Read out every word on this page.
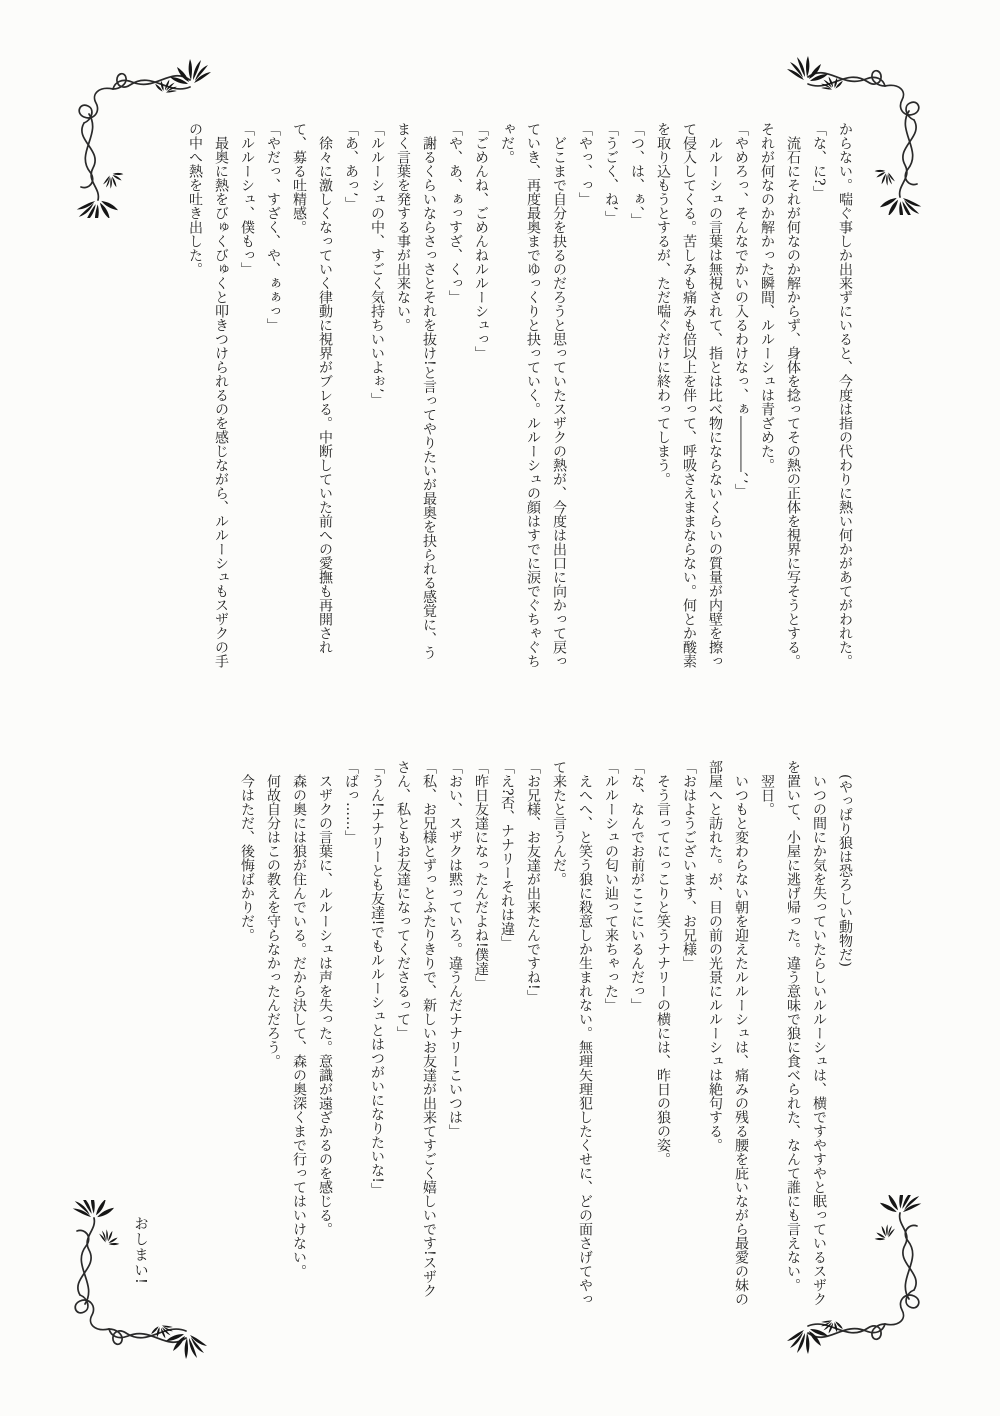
からない。喘ぐ事しか出来ずにいると、今度は指の代わりに熱い何かがあてがわれた。

「な、に?」

流石にそれが何なのか解からず、身体を捻ってその熱の正体を視界に写そうとする。それが何なのか解かった瞬間、ルルーシュは青ざめた。

「やめろっ、そんなでかいの入るわけなっ、ぁ――――、’」

ルルーシュの言葉は無視されて、指とは比べ物にならないくらいの質量が内壁を擦って侵入してくる。苦しみも痛みも倍以上を伴って、呼吸さえままならない。何とか酸素を取り込もうとするが、ただ喘ぐだけに終わってしまう。

「つ、は、ぁ、」

「うごく、ね’」

「やっ、っ」

どこまで自分を抉るのだろうと思っていたスザクの熱が、今度は出口に向かって戻っていき、再度最奥までゆっくりと抉っていく。ルルーシュの顔はすでに涙でぐちゃぐちゃだ。

「ごめんね、ごめんねルルーシュっ」

「や、あ、ぁっすざ、くっ」

謝るくらいならさっさとそれを抜け!と言ってやりたいが最奥を抉られる感覚に、うまく言葉を発する事が出来ない。

「ルルーシュの中、すごく気持ちいいよぉ’」

「あ、あっ’」

徐々に激しくなっていく律動に視界がブレる。中断していた前への愛撫も再開されて、募る吐精感。

「やだっ、すざく、や、ぁぁっ」

「ルルーシュ、僕もっ」

最奥に熱をびゅくびゅくと叩きつけられるのを感じながら、ルルーシュもスザクの手の中へ熱を吐き出した。

(やっぱり狼は恐ろしい動物だ)

いつの間にか気を失っていたらしいルルーシュは、横ですやすやと眠っているスザクを置いて、小屋に逃げ帰った。違う意味で狼に食べられた、なんて誰にも言えない。

翌日。

いつもと変わらない朝を迎えたルルーシュは、痛みの残る腰を庇いながら最愛の妹の部屋へと訪れた。が、目の前の光景にルルーシュは絶句する。

「おはようございます、お兄様」

そう言ってにっこりと笑うナナリーの横には、昨日の狼の姿。

「な、なんでお前がここにいるんだっ」

「ルルーシュの匂い辿って来ちゃった」

えへへ、と笑う狼に殺意しか生まれない。無理矢理犯したくせに、どの面さげてやって来たと言うんだ。

「お兄様、お友達が出来たんですね!」

「え?否、ナナリーそれは違」

「昨日友達になったんだよね!僕達」

「おい、スザクは黙っていろ。違うんだナナリーこいつは」

「私、お兄様とずっとふたりきりで、新しいお友達が出来てすごく嬉しいです!スザクさん、私ともお友達になってくださるって」

「うん!ナナリーとも友達!でもルルーシュとはつがいになりたいな!」

「ばっ……」

スザクの言葉に、ルルーシュは声を失った。意識が遠ざかるのを感じる。

森の奥には狼が住んでいる。だから決して、森の奥深くまで行ってはいけない。

何故自分はこの教えを守らなかったんだろう。

今はただ、後悔ばかりだ。

おしまい!
